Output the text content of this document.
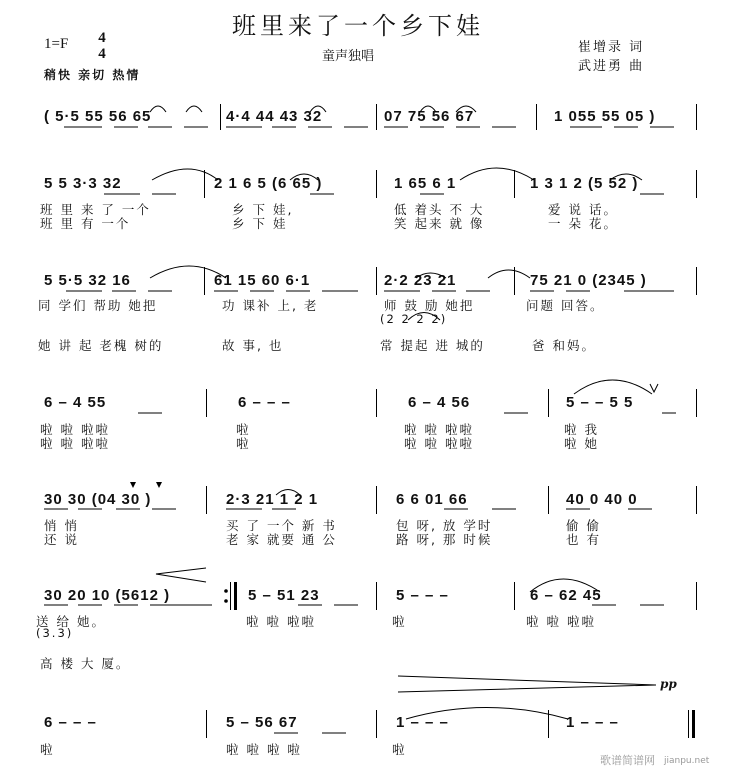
班里来了一个乡下娃
童声独唱
1=F 4
4
稍快 亲切 热情
崔增录 词
武进勇 曲
( 5·5 55 56 65	4·4 44 43 32	07 75 56 67	1 055 55 05 )
5 5 3·3 32	2 1 6 5 (6 65 )	1 65 6 1	1 3 1 2 (5 52 )
班 里 来 了 一个	乡 下 娃,	低 着头 不 大	爱 说 话。
班 里 有 一个	乡 下 娃	笑 起来 就 像	一 朵 花。
5 5·5 32 16	61 15 60 6·1	2·2 23 21	75 21 0 (2345 )
同 学们 帮助 她把	功 课补 上, 老	师 鼓 励 她把	问题 回答。
(2 2 2 2)
她 讲 起 老槐 树的	故 事, 也	常 提起 进 城的	爸 和妈。
6 – 4 55	6 – – –	6 – 4 56	5 – – 5 5
啦 啦 啦啦	啦	啦 啦 啦啦	啦 我
啦 啦 啦啦	啦	啦 啦 啦啦	啦 她
30 30 (04 30 )	2·3 21 1 2 1	6 6 01 66	40 0 40 0
悄 悄	买 了 一个 新 书	包 呀, 放 学时	偷 偷
还 说	老 家 就要 通 公	路 呀, 那 时候	也 有
30 20 10 (5612 )	5 – 51 23	5 – – –	6 – 62 45
送 给 她。	啦 啦 啦啦	啦	啦 啦 啦啦
(3.3)
高 楼 大 厦。
6 – – –	5 – 56 67	1 – – –	1 – – –
啦	啦 啦 啦 啦	啦
pp
歌谱简谱网 jianpu.net
